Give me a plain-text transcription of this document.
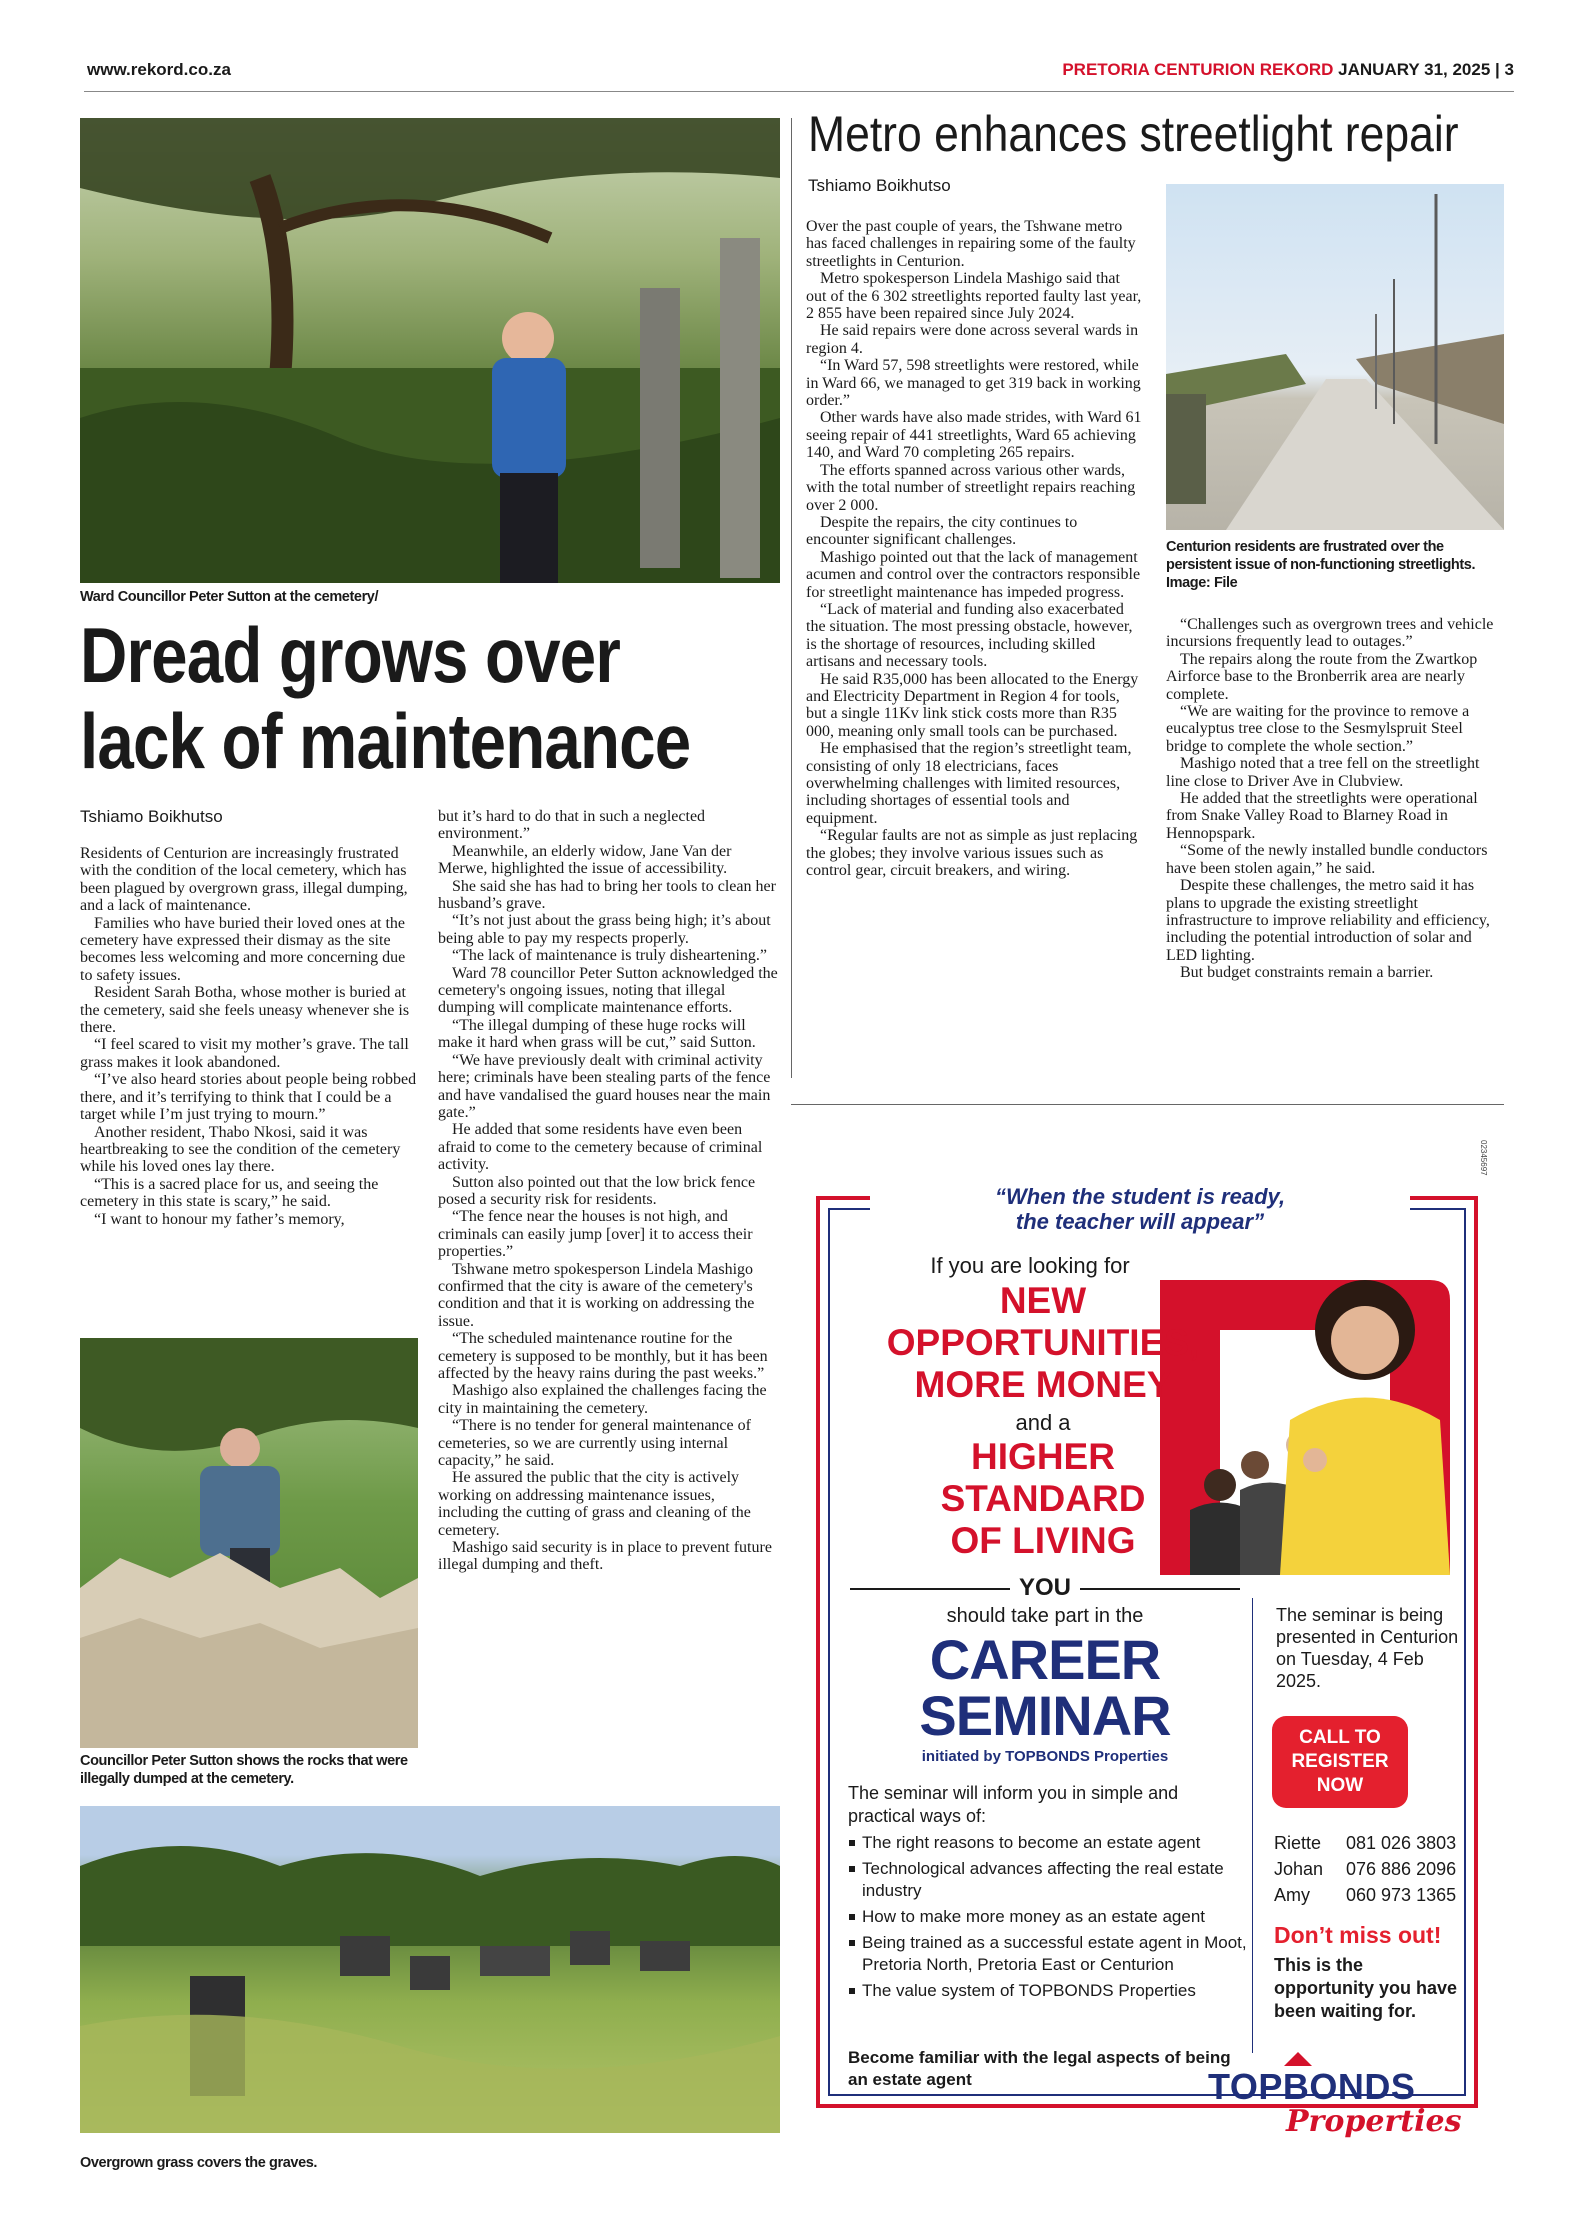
www.rekord.co.za	PRETORIA CENTURION REKORD JANUARY 31, 2025 | 3
Ward Councillor Peter Sutton at the cemetery/
Dread grows over
lack of maintenance
Tshiamo Boikhutso

Residents of Centurion are increasingly frustrated with the condition of the local cemetery, which has been plagued by overgrown grass, illegal dumping, and a lack of maintenance.

Families who have buried their loved ones at the cemetery have expressed their dismay as the site becomes less welcoming and more concerning due to safety issues.

Resident Sarah Botha, whose mother is buried at the cemetery, said she feels uneasy whenever she is there.

“I feel scared to visit my mother’s grave. The tall grass makes it look abandoned.

“I’ve also heard stories about people being robbed there, and it’s terrifying to think that I could be a target while I’m just trying to mourn.”

Another resident, Thabo Nkosi, said it was heartbreaking to see the condition of the cemetery while his loved ones lay there.

“This is a sacred place for us, and seeing the cemetery in this state is scary,” he said.

“I want to honour my father’s memory,

but it’s hard to do that in such a neglected environment.”

Meanwhile, an elderly widow, Jane Van der Merwe, highlighted the issue of accessibility.

She said she has had to bring her tools to clean her husband’s grave.

“It’s not just about the grass being high; it’s about being able to pay my respects properly.

“The lack of maintenance is truly disheartening.”

Ward 78 councillor Peter Sutton acknowledged the cemetery's ongoing issues, noting that illegal dumping will complicate maintenance efforts.

“The illegal dumping of these huge rocks will make it hard when grass will be cut,” said Sutton.

“We have previously dealt with criminal activity here; criminals have been stealing parts of the fence and have vandalised the guard houses near the main gate.”

He added that some residents have even been afraid to come to the cemetery because of criminal activity.

Sutton also pointed out that the low brick fence posed a security risk for residents.

“The fence near the houses is not high, and criminals can easily jump [over] it to access their properties.”

Tshwane metro spokesperson Lindela Mashigo confirmed that the city is aware of the cemetery's condition and that it is working on addressing the issue.

“The scheduled maintenance routine for the cemetery is supposed to be monthly, but it has been affected by the heavy rains during the past weeks.”

Mashigo also explained the challenges facing the city in maintaining the cemetery.

“There is no tender for general maintenance of cemeteries, so we are currently using internal capacity,” he said.

He assured the public that the city is actively working on addressing maintenance issues, including the cutting of grass and cleaning of the cemetery.

Mashigo said security is in place to prevent future illegal dumping and theft.

Councillor Peter Sutton shows the rocks that were illegally dumped at the cemetery.
Overgrown grass covers the graves.
Metro enhances streetlight repair
Tshiamo Boikhutso

Over the past couple of years, the Tshwane metro has faced challenges in repairing some of the faulty streetlights in Centurion.

Metro spokesperson Lindela Mashigo said that out of the 6 302 streetlights reported faulty last year, 2 855 have been repaired since July 2024.

He said repairs were done across several wards in region 4.

“In Ward 57, 598 streetlights were restored, while in Ward 66, we managed to get 319 back in working order.”

Other wards have also made strides, with Ward 61 seeing repair of 441 streetlights, Ward 65 achieving 140, and Ward 70 completing 265 repairs.

The efforts spanned across various other wards, with the total number of streetlight repairs reaching over 2 000.

Despite the repairs, the city continues to encounter significant challenges.

Mashigo pointed out that the lack of management acumen and control over the contractors responsible for streetlight maintenance has impeded progress.

“Lack of material and funding also exacerbated the situation. The most pressing obstacle, however, is the shortage of resources, including skilled artisans and necessary tools.

He said R35,000 has been allocated to the Energy and Electricity Department in Region 4 for tools, but a single 11Kv link stick costs more than R35 000, meaning only small tools can be purchased.

He emphasised that the region’s streetlight team, consisting of only 18 electricians, faces overwhelming challenges with limited resources, including shortages of essential tools and equipment.

“Regular faults are not as simple as just replacing the globes; they involve various issues such as control gear, circuit breakers, and wiring.

Centurion residents are frustrated over the persistent issue of non-functioning streetlights. Image: File

“Challenges such as overgrown trees and vehicle incursions frequently lead to outages.”

The repairs along the route from the Zwartkop Airforce base to the Bronberrik area are nearly complete.

“We are waiting for the province to remove a eucalyptus tree close to the Sesmylspruit Steel bridge to complete the whole section.”

Mashigo noted that a tree fell on the streetlight line close to Driver Ave in Clubview.

He added that the streetlights were operational from Snake Valley Road to Blarney Road in Hennopspark.

“Some of the newly installed bundle conductors have been stolen again,” he said.

Despite these challenges, the metro said it has plans to upgrade the existing streetlight infrastructure to improve reliability and efficiency, including the potential introduction of solar and LED lighting.

But budget constraints remain a barrier.

02345697
“When the student is ready,
the teacher will appear”
If you are looking for
NEW
OPPORTUNITIES,
MORE MONEY
and a
HIGHER
STANDARD
OF LIVING
YOU
should take part in the
CAREER
SEMINAR
initiated by TOPBONDS Properties
The seminar will inform you in simple and practical ways of:
The right reasons to become an estate agent
Technological advances affecting the real estate industry
How to make more money as an estate agent
Being trained as a successful estate agent in Moot, Pretoria North, Pretoria East or Centurion
The value system of TOPBONDS Properties
Become familiar with the legal aspects of being an estate agent
The seminar is being presented in Centurion on Tuesday, 4 Feb 2025.
CALL TO
REGISTER
NOW
Riette 081 026 3803
Johan 076 886 2096
Amy 060 973 1365
Don’t miss out!
This is the opportunity you have been waiting for.
TOPBONDS
Properties
